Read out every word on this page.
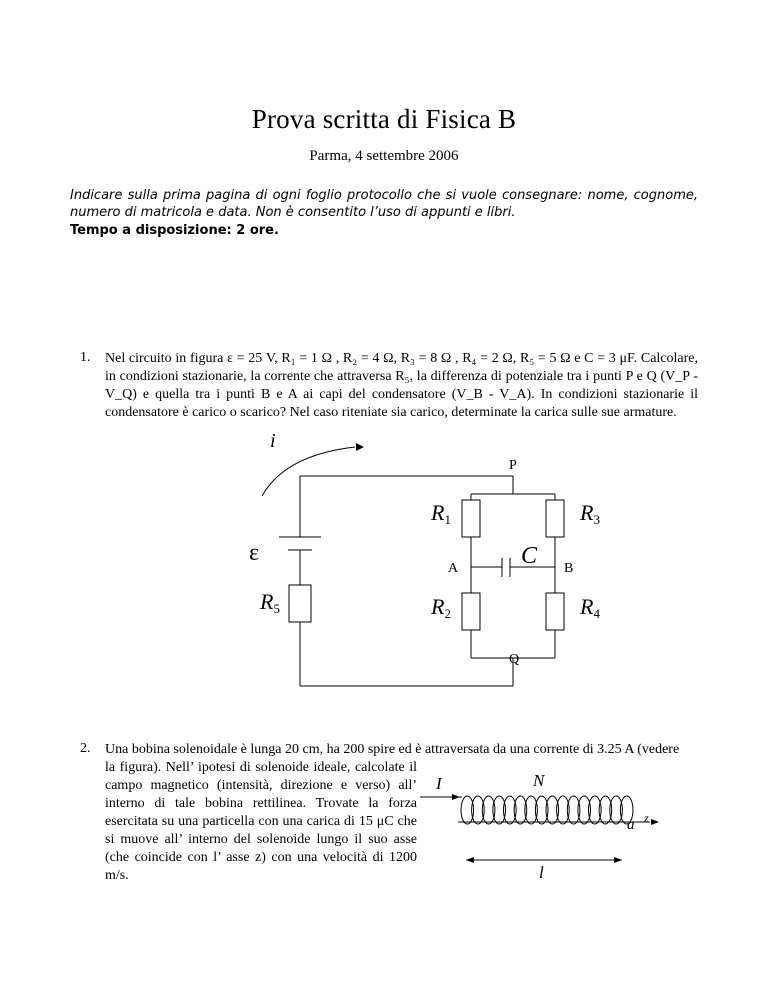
Prova scritta di Fisica B
Parma, 4 settembre 2006
Indicare sulla prima pagina di ogni foglio protocollo che si vuole consegnare: nome, cognome, numero di matricola e data. Non è consentito l’uso di appunti e libri.
Tempo a disposizione: 2 ore.
1. Nel circuito in figura ε = 25 V, R₁ = 1 Ω , R₂ = 4 Ω, R₃ = 8 Ω , R₄ = 2 Ω, R₅ = 5 Ω e C = 3 μF. Calcolare, in condizioni stazionarie, la corrente che attraversa R₅, la differenza di potenziale tra i punti P e Q (V_P - V_Q) e quella tra i punti B e A ai capi del condensatore (V_B - V_A). In condizioni stazionarie il condensatore è carico o scarico? Nel caso riteniate sia carico, determinate la carica sulle sue armature.
i
P
ε
A	B
C
Q
R1
R2
R3
R4
R5
2. Una bobina solenoidale è lunga 20 cm, ha 200 spire ed è attraversata da una corrente di 3.25 A (vedere
la figura). Nell’ ipotesi di solenoide ideale, calcolate il campo magnetico (intensità, direzione e verso) all’ interno di tale bobina rettilinea. Trovate la forza esercitata su una particella con una carica di 15 μC che si muove all’ interno del solenoide lungo il suo asse (che coincide con l’ asse z) con una velocità di 1200 m/s.
I	N
a z
l
